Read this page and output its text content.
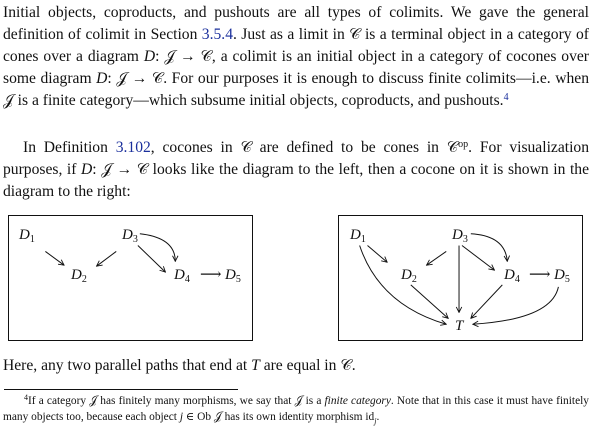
Initial objects, coproducts, and pushouts are all types of colimits. We gave the general definition of colimit in Section 3.5.4. Just as a limit in 𝒞 is a terminal object in a category of cones over a diagram D: 𝒥 → 𝒞, a colimit is an initial object in a category of cocones over some diagram D: 𝒥 → 𝒞. For our purposes it is enough to discuss finite colimits—i.e. when 𝒥 is a finite category—which subsume initial objects, coproducts, and pushouts.$^4$
In Definition 3.102, cocones in 𝒞 are defined to be cones in 𝒞$^{op}$. For visualization purposes, if D: 𝒥 → 𝒞 looks like the diagram to the left, then a cocone on it is shown in the diagram to the right:
$D_1$
$D_2$
$D_3$
$D_4$ ⟶ $D_5$
$D_1$
$D_2$
$D_3$
$D_4$ ⟶ $D_5$
T
Here, any two parallel paths that end at T are equal in 𝒞.
$^4$If a category 𝒥 has finitely many morphisms, we say that 𝒥 is a finite category. Note that in this case it must have finitely many objects too, because each object j ∈ Ob 𝒥 has its own identity morphism $id_j$.
